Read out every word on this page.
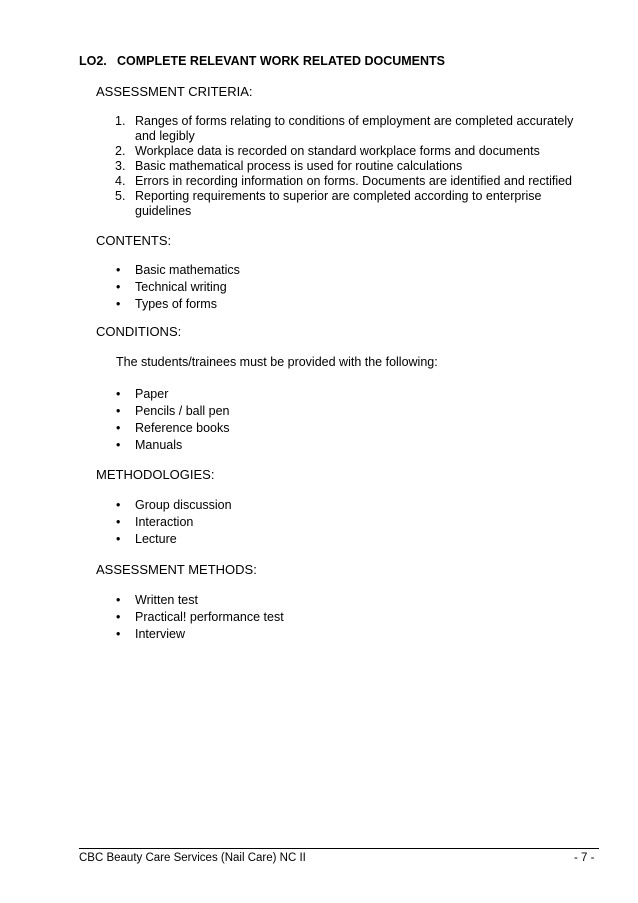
LO2. COMPLETE RELEVANT WORK RELATED DOCUMENTS
ASSESSMENT CRITERIA:
1. Ranges of forms relating to conditions of employment are completed accurately and legibly
2. Workplace data is recorded on standard workplace forms and documents
3. Basic mathematical process is used for routine calculations
4. Errors in recording information on forms. Documents are identified and rectified
5. Reporting requirements to superior are completed according to enterprise guidelines
CONTENTS:
• Basic mathematics
• Technical writing
• Types of forms
CONDITIONS:
The students/trainees must be provided with the following:
• Paper
• Pencils / ball pen
• Reference books
• Manuals
METHODOLOGIES:
• Group discussion
• Interaction
• Lecture
ASSESSMENT METHODS:
• Written test
• Practical! performance test
• Interview
CBC Beauty Care Services (Nail Care) NC II	- 7 -
